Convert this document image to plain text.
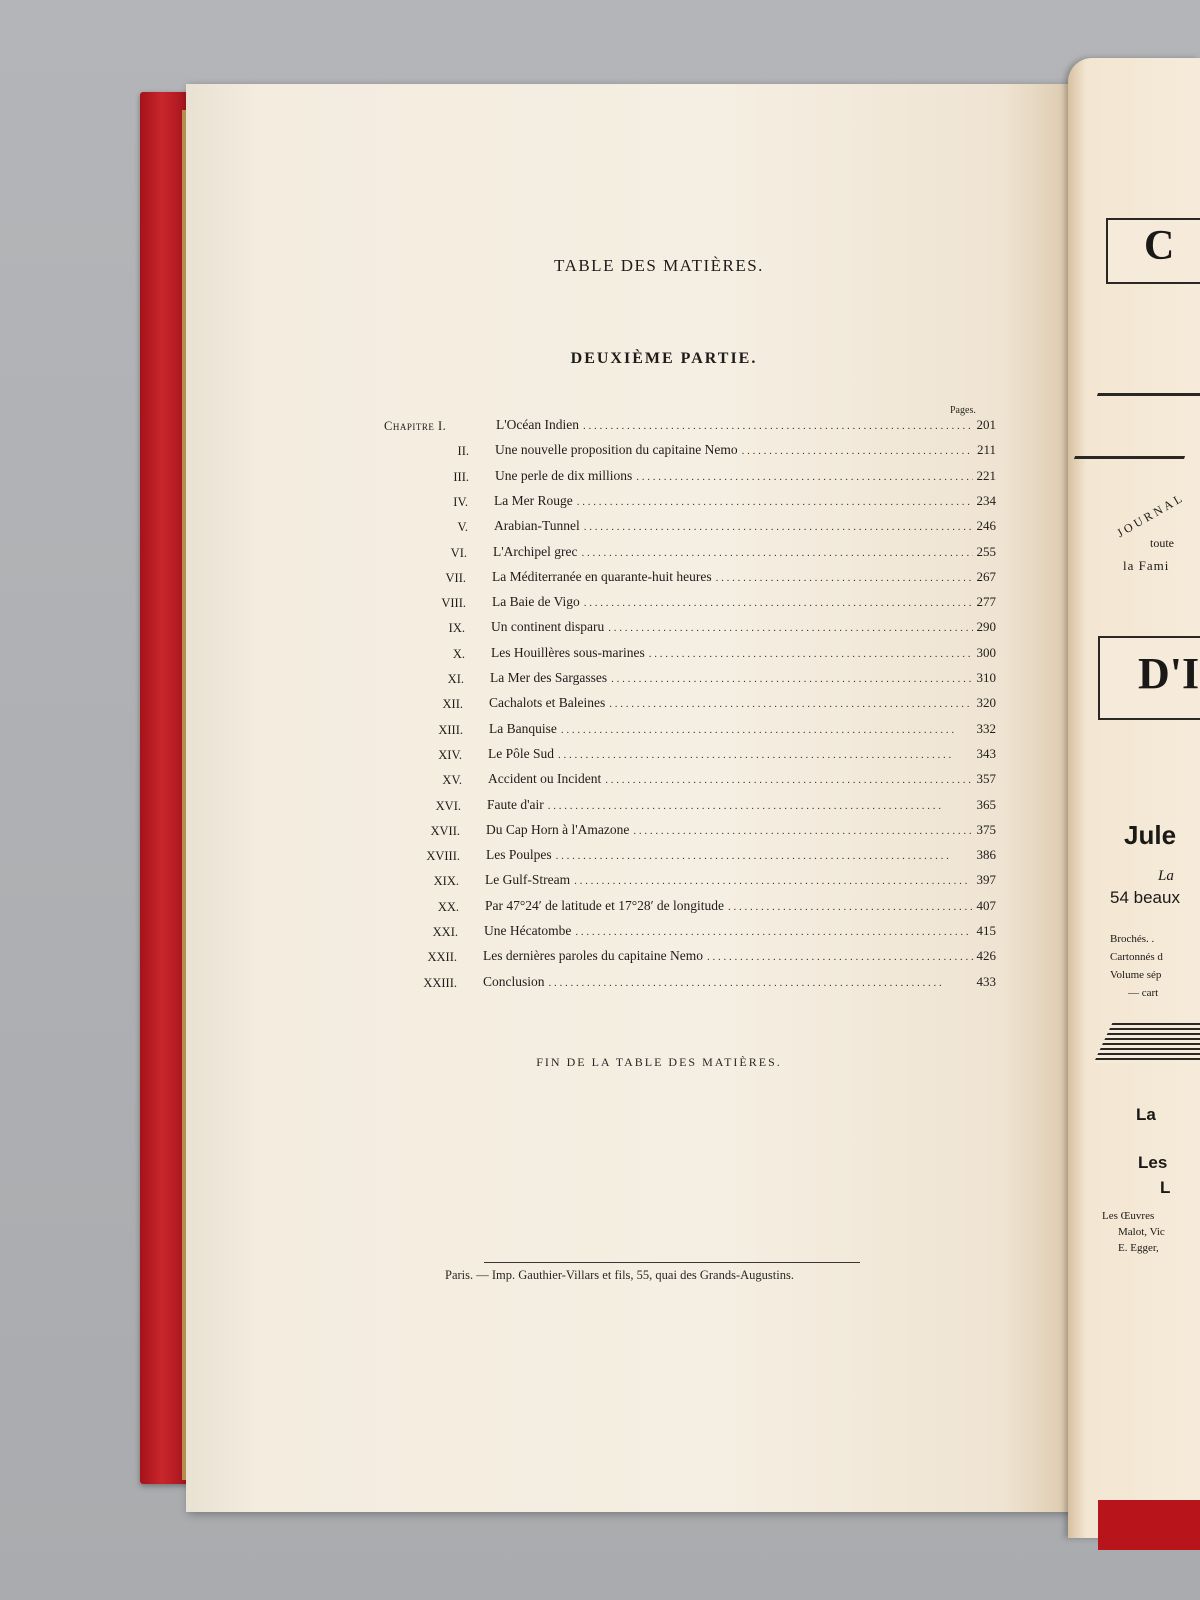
TABLE DES MATIÈRES.
DEUXIÈME PARTIE.
Pages.
Chapitre I.	L'Océan Indien . . .	201
II. Une nouvelle proposition du capitaine Nemo . . .	211
III. Une perle de dix millions . . .	221
IV. La Mer Rouge . . .	234
V. Arabian-Tunnel . . .	246
VI. L'Archipel grec . . .	255
VII. La Méditerranée en quarante-huit heures . . .	267
VIII. La Baie de Vigo . . .	277
IX. Un continent disparu . . .	290
X. Les Houillères sous-marines . . .	300
XI. La Mer des Sargasses . . .	310
XII. Cachalots et Baleines . . .	320
XIII. La Banquise . . .	332
XIV. Le Pôle Sud . . .	343
XV. Accident ou Incident . . .	357
XVI. Faute d'air . . .	365
XVII. Du Cap Horn à l'Amazone . . .	375
XVIII. Les Poulpes . . .	386
XIX. Le Gulf-Stream . . .	397
XX. Par 47°24′ de latitude et 17°28′ de longitude . . .	407
XXI. Une Hécatombe . . .	415
XXII. Les dernières paroles du capitaine Nemo . . .	426
XXIII. Conclusion . . .	433
FIN DE LA TABLE DES MATIÈRES.
Paris. — Imp. Gauthier-Villars et fils, 55, quai des Grands-Augustins.
C
JOURNAL
toute
la Fami
D'I
Jule
La
54 beaux
Brochés. .
Cartonnés d
Volume sép
— cart
La
Les
L
Les Œuvres
Malot, Vic
E. Egger,
